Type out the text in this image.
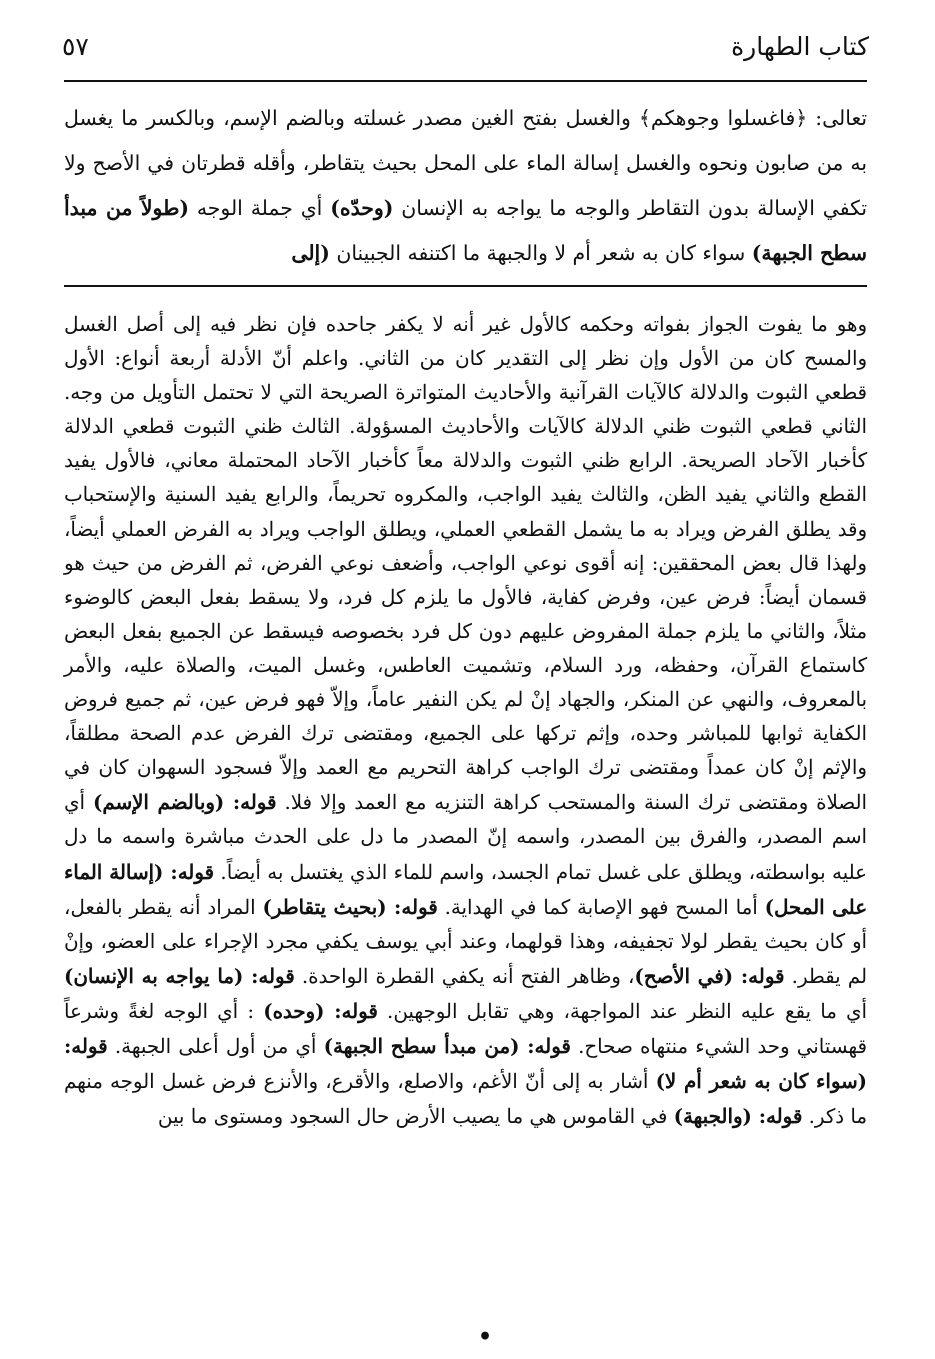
كتاب الطهارة
٥٧

تعالى: ﴿فاغسلوا وجوهكم﴾ والغسل بفتح الغين مصدر غسلته وبالضم الإسم، وبالكسر ما يغسل به من صابون ونحوه والغسل إسالة الماء على المحل بحيث يتقاطر، وأقله قطرتان في الأصح ولا تكفي الإسالة بدون التقاطر والوجه ما يواجه به الإنسان (وحدّه) أي جملة الوجه (طولاً من مبدأ سطح الجبهة) سواء كان به شعر أم لا والجبهة ما اكتنفه الجبينان (إلى

وهو ما يفوت الجواز بفواته وحكمه كالأول غير أنه لا يكفر جاحده فإن نظر فيه إلى أصل الغسل والمسح كان من الأول وإن نظر إلى التقدير كان من الثاني. واعلم أنّ الأدلة أربعة أنواع: الأول قطعي الثبوت والدلالة كالآيات القرآنية والأحاديث المتواترة الصريحة التي لا تحتمل التأويل من وجه. الثاني قطعي الثبوت ظني الدلالة كالآيات والأحاديث المسؤولة. الثالث ظني الثبوت قطعي الدلالة كأخبار الآحاد الصريحة. الرابع ظني الثبوت والدلالة معاً كأخبار الآحاد المحتملة معاني، فالأول يفيد القطع والثاني يفيد الظن، والثالث يفيد الواجب، والمكروه تحريماً، والرابع يفيد السنية والإستحباب وقد يطلق الفرض ويراد به ما يشمل القطعي العملي، ويطلق الواجب ويراد به الفرض العملي أيضاً، ولهذا قال بعض المحققين: إنه أقوى نوعي الواجب، وأضعف نوعي الفرض، ثم الفرض من حيث هو قسمان أيضاً: فرض عين، وفرض كفاية، فالأول ما يلزم كل فرد، ولا يسقط بفعل البعض كالوضوء مثلاً، والثاني ما يلزم جملة المفروض عليهم دون كل فرد بخصوصه فيسقط عن الجميع بفعل البعض كاستماع القرآن، وحفظه، ورد السلام، وتشميت العاطس، وغسل الميت، والصلاة عليه، والأمر بالمعروف، والنهي عن المنكر، والجهاد إنْ لم يكن النفير عاماً، وإلاّ فهو فرض عين، ثم جميع فروض الكفاية ثوابها للمباشر وحده، وإثم تركها على الجميع، ومقتضى ترك الفرض عدم الصحة مطلقاً، والإثم إنْ كان عمداً ومقتضى ترك الواجب كراهة التحريم مع العمد وإلاّ فسجود السهوان كان في الصلاة ومقتضى ترك السنة والمستحب كراهة التنزيه مع العمد وإلا فلا. قوله: (وبالضم الإسم) أي اسم المصدر، والفرق بين المصدر، واسمه إنّ المصدر ما دل على الحدث مباشرة واسمه ما دل عليه بواسطته، ويطلق على غسل تمام الجسد، واسم للماء الذي يغتسل به أيضاً. قوله: (إسالة الماء على المحل) أما المسح فهو الإصابة كما في الهداية. قوله: (بحيث يتقاطر) المراد أنه يقطر بالفعل، أو كان بحيث يقطر لولا تجفيفه، وهذا قولهما، وعند أبي يوسف يكفي مجرد الإجراء على العضو، وإنْ لم يقطر. قوله: (في الأصح)، وظاهر الفتح أنه يكفي القطرة الواحدة. قوله: (ما يواجه به الإنسان) أي ما يقع عليه النظر عند المواجهة، وهي تقابل الوجهين. قوله: (وحده) : أي الوجه لغةً وشرعاً قهستاني وحد الشيء منتهاه صحاح. قوله: (من مبدأ سطح الجبهة) أي من أول أعلى الجبهة. قوله: (سواء كان به شعر أم لا) أشار به إلى أنّ الأغم، والاصلع، والأقرع، والأنزع فرض غسل الوجه منهم ما ذكر. قوله: (والجبهة) في القاموس هي ما يصيب الأرض حال السجود ومستوى ما بين

•
